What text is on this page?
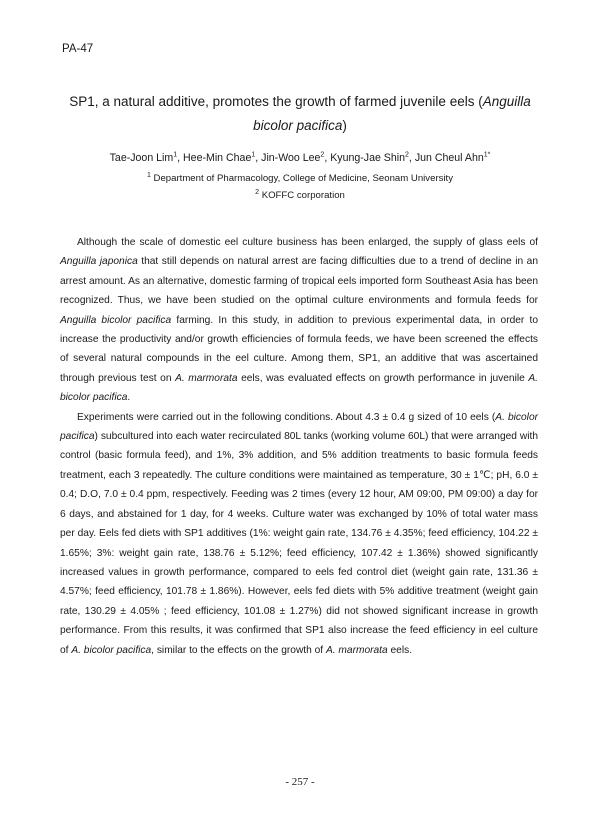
PA-47
SP1, a natural additive, promotes the growth of farmed juvenile eels (Anguilla bicolor pacifica)
Tae-Joon Lim$^1$, Hee-Min Chae$^1$, Jin-Woo Lee$^2$, Kyung-Jae Shin$^2$, Jun Cheul Ahn$^{1*}$
$^1$ Department of Pharmacology, College of Medicine, Seonam University
$^2$ KOFFC corporation

Although the scale of domestic eel culture business has been enlarged, the supply of glass eels of Anguilla japonica that still depends on natural arrest are facing difficulties due to a trend of decline in an arrest amount. As an alternative, domestic farming of tropical eels imported form Southeast Asia has been recognized. Thus, we have been studied on the optimal culture environments and formula feeds for Anguilla bicolor pacifica farming. In this study, in addition to previous experimental data, in order to increase the productivity and/or growth efficiencies of formula feeds, we have been screened the effects of several natural compounds in the eel culture. Among them, SP1, an additive that was ascertained through previous test on A. marmorata eels, was evaluated effects on growth performance in juvenile A. bicolor pacifica.

Experiments were carried out in the following conditions. About 4.3 ± 0.4 g sized of 10 eels (A. bicolor pacifica) subcultured into each water recirculated 80L tanks (working volume 60L) that were arranged with control (basic formula feed), and 1%, 3% addition, and 5% addition treatments to basic formula feeds treatment, each 3 repeatedly. The culture conditions were maintained as temperature, 30 ± 1℃; pH, 6.0 ± 0.4; D.O, 7.0 ± 0.4 ppm, respectively. Feeding was 2 times (every 12 hour, AM 09:00, PM 09:00) a day for 6 days, and abstained for 1 day, for 4 weeks. Culture water was exchanged by 10% of total water mass per day. Eels fed diets with SP1 additives (1%: weight gain rate, 134.76 ± 4.35%; feed efficiency, 104.22 ± 1.65%; 3%: weight gain rate, 138.76 ± 5.12%; feed efficiency, 107.42 ± 1.36%) showed significantly increased values in growth performance, compared to eels fed control diet (weight gain rate, 131.36 ± 4.57%; feed efficiency, 101.78 ± 1.86%). However, eels fed diets with 5% additive treatment (weight gain rate, 130.29 ± 4.05% ; feed efficiency, 101.08 ± 1.27%) did not showed significant increase in growth performance. From this results, it was confirmed that SP1 also increase the feed efficiency in eel culture of A. bicolor pacifica, similar to the effects on the growth of A. marmorata eels.

- 257 -
